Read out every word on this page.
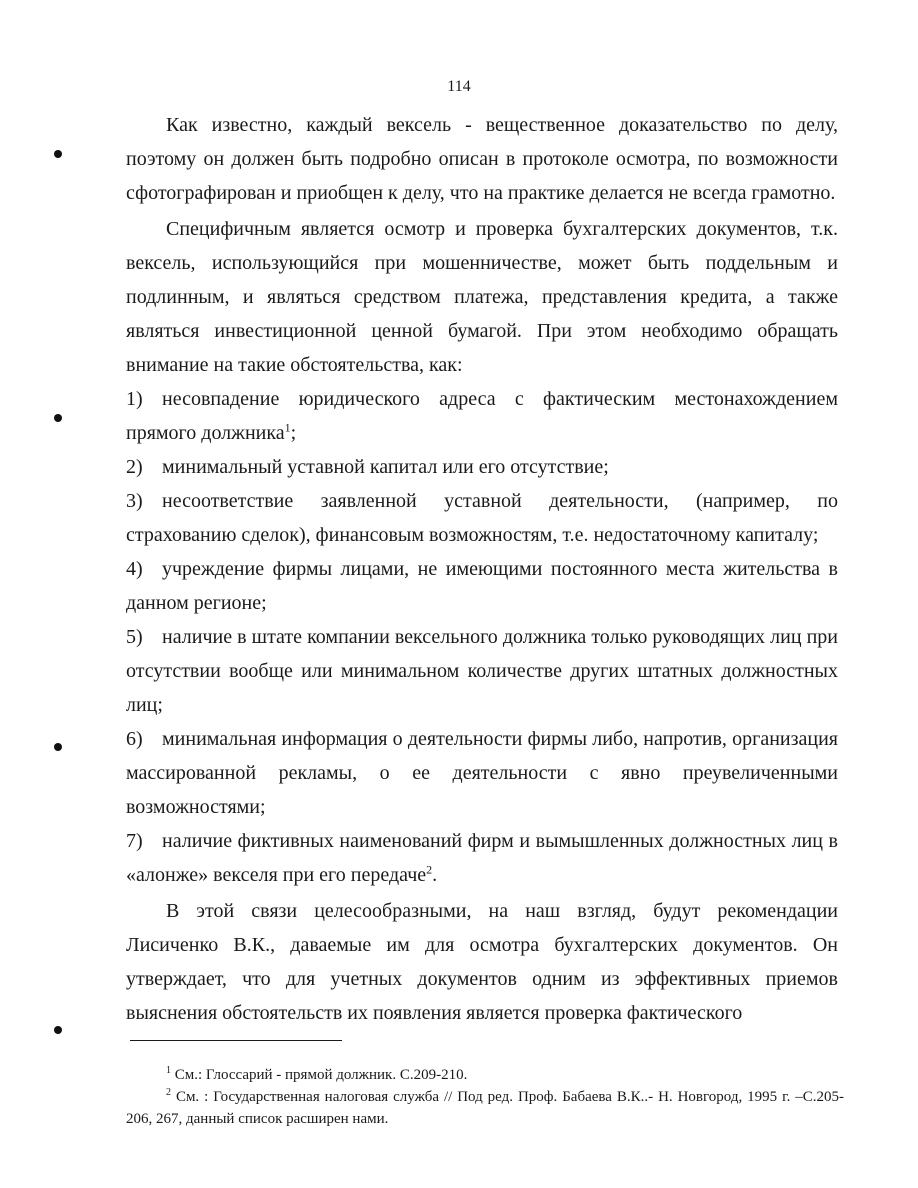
114

Как известно, каждый вексель - вещественное доказательство по делу, поэтому он должен быть подробно описан в протоколе осмотра, по возможности сфотографирован и приобщен к делу, что на практике делается не всегда грамотно.

Специфичным является осмотр и проверка бухгалтерских документов, т.к. вексель, использующийся при мошенничестве, может быть поддельным и подлинным, и являться средством платежа, представления кредита, а также являться инвестиционной ценной бумагой. При этом необходимо обращать внимание на такие обстоятельства, как:

1) несовпадение юридического адреса с фактическим местонахождением прямого должника$^1$;

2) минимальный уставной капитал или его отсутствие;

3) несоответствие заявленной уставной деятельности, (например, по страхованию сделок), финансовым возможностям, т.е. недостаточному капиталу;

4) учреждение фирмы лицами, не имеющими постоянного места жительства в данном регионе;

5) наличие в штате компании вексельного должника только руководящих лиц при отсутствии вообще или минимальном количестве других штатных должностных лиц;

6) минимальная информация о деятельности фирмы либо, напротив, организация массированной рекламы, о ее деятельности с явно преувеличенными возможностями;

7) наличие фиктивных наименований фирм и вымышленных должностных лиц в «алонже» векселя при его передаче$^2$.

В этой связи целесообразными, на наш взгляд, будут рекомендации Лисиченко В.К., даваемые им для осмотра бухгалтерских документов. Он утверждает, что для учетных документов одним из эффективных приемов выяснения обстоятельств их появления является проверка фактического

$^1$ См.: Глоссарий - прямой должник. С.209-210.

$^2$ См. : Государственная налоговая служба // Под ред. Проф. Бабаева В.К..- Н. Новгород, 1995 г. –С.205-206, 267, данный список расширен нами.
